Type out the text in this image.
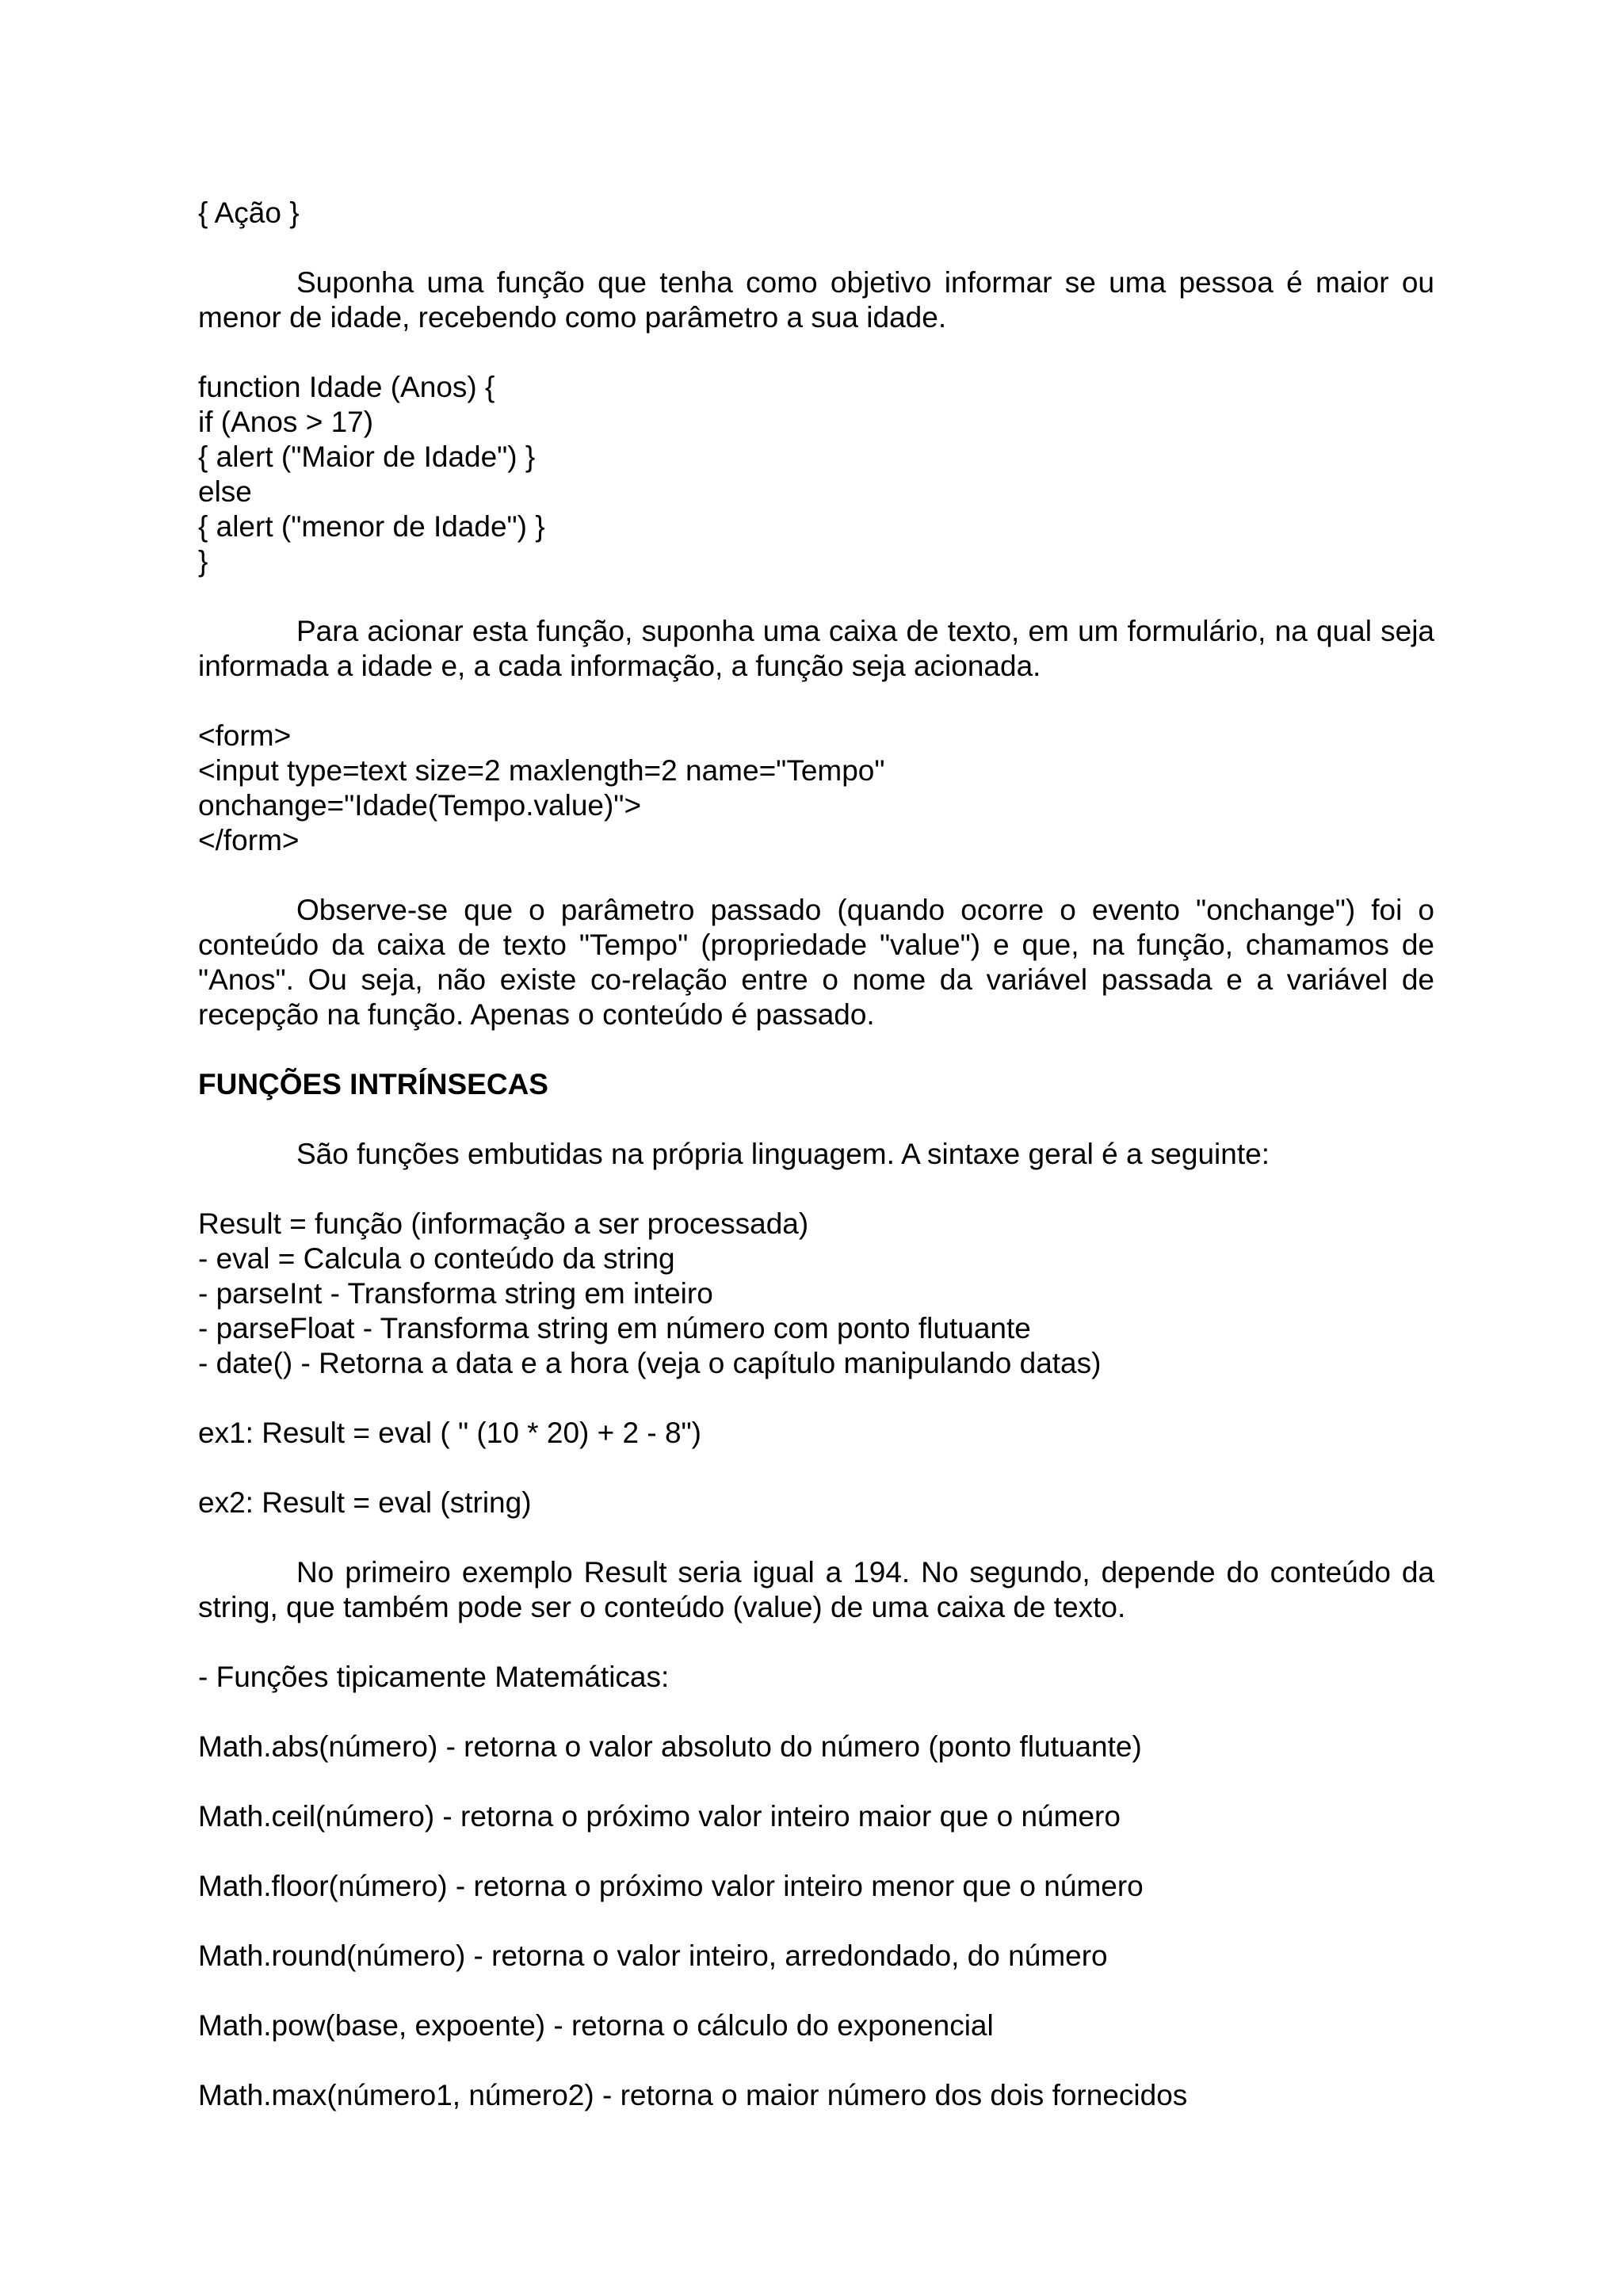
{ Ação }

Suponha uma função que tenha como objetivo informar se uma pessoa é maior ou menor de idade, recebendo como parâmetro a sua idade.

function Idade (Anos) {
if (Anos > 17)
{ alert ("Maior de Idade") }
else
{ alert ("menor de Idade") }
}

Para acionar esta função, suponha uma caixa de texto, em um formulário, na qual seja informada a idade e, a cada informação, a função seja acionada.

<form>
<input type=text size=2 maxlength=2 name="Tempo"
onchange="Idade(Tempo.value)">
</form>

Observe-se que o parâmetro passado (quando ocorre o evento "onchange") foi o conteúdo da caixa de texto "Tempo" (propriedade "value") e que, na função, chamamos de "Anos". Ou seja, não existe co-relação entre o nome da variável passada e a variável de recepção na função. Apenas o conteúdo é passado.

FUNÇÕES INTRÍNSECAS

São funções embutidas na própria linguagem. A sintaxe geral é a seguinte:

Result = função (informação a ser processada)
- eval = Calcula o conteúdo da string
- parseInt - Transforma string em inteiro
- parseFloat - Transforma string em número com ponto flutuante
- date() - Retorna a data e a hora (veja o capítulo manipulando datas)
ex1: Result = eval ( " (10 * 20) + 2 - 8")
ex2: Result = eval (string)

No primeiro exemplo Result seria igual a 194. No segundo, depende do conteúdo da string, que também pode ser o conteúdo (value) de uma caixa de texto.

- Funções tipicamente Matemáticas:
Math.abs(número) - retorna o valor absoluto do número (ponto flutuante)
Math.ceil(número) - retorna o próximo valor inteiro maior que o número
Math.floor(número) - retorna o próximo valor inteiro menor que o número
Math.round(número) - retorna o valor inteiro, arredondado, do número
Math.pow(base, expoente) - retorna o cálculo do exponencial
Math.max(número1, número2) - retorna o maior número dos dois fornecidos
